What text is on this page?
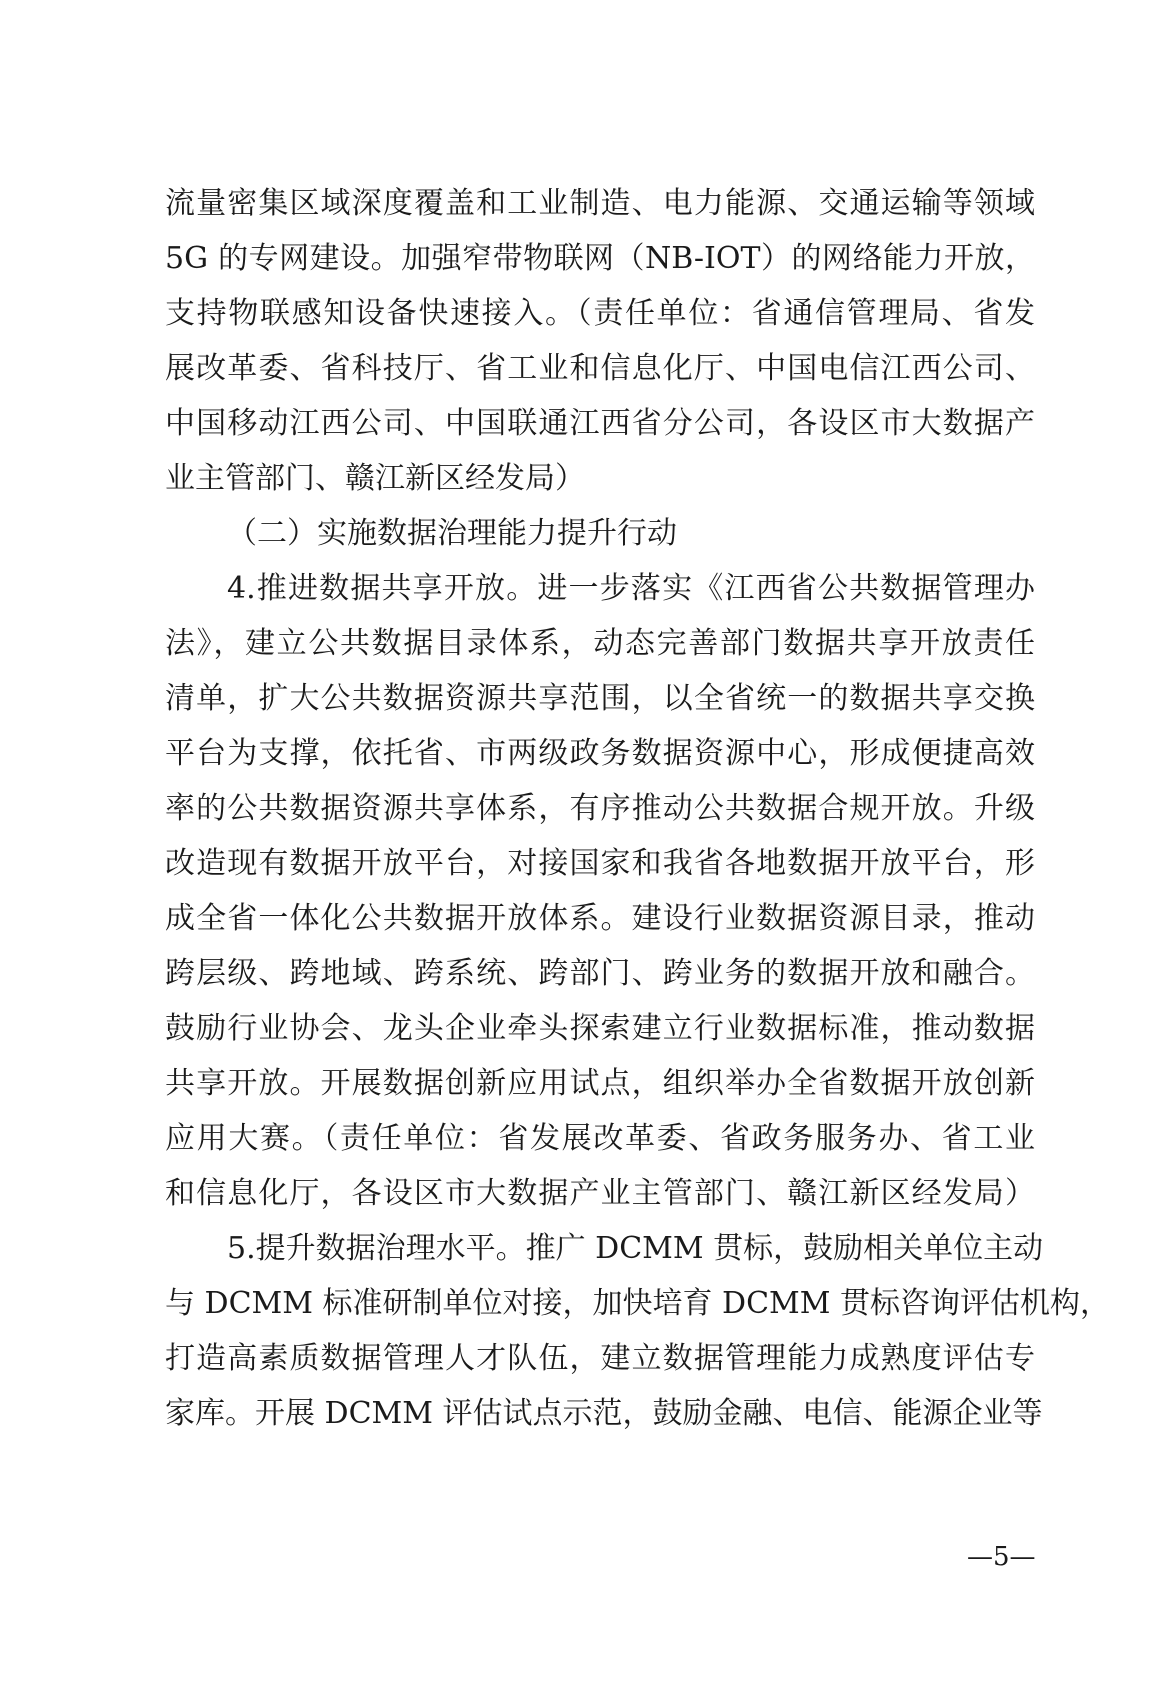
流量密集区域深度覆盖和工业制造、电力能源、交通运输等领域
5G 的专网建设。加强窄带物联网（NB-IOT）的网络能力开放，
支持物联感知设备快速接入。（责任单位：省通信管理局、省发
展改革委、省科技厅、省工业和信息化厅、中国电信江西公司、
中国移动江西公司、中国联通江西省分公司，各设区市大数据产
业主管部门、赣江新区经发局）
（二）实施数据治理能力提升行动
4.推进数据共享开放。进一步落实《江西省公共数据管理办
法》，建立公共数据目录体系，动态完善部门数据共享开放责任
清单，扩大公共数据资源共享范围，以全省统一的数据共享交换
平台为支撑，依托省、市两级政务数据资源中心，形成便捷高效
率的公共数据资源共享体系，有序推动公共数据合规开放。升级
改造现有数据开放平台，对接国家和我省各地数据开放平台，形
成全省一体化公共数据开放体系。建设行业数据资源目录，推动
跨层级、跨地域、跨系统、跨部门、跨业务的数据开放和融合。
鼓励行业协会、龙头企业牵头探索建立行业数据标准，推动数据
共享开放。开展数据创新应用试点，组织举办全省数据开放创新
应用大赛。（责任单位：省发展改革委、省政务服务办、省工业
和信息化厅，各设区市大数据产业主管部门、赣江新区经发局）
5.提升数据治理水平。推广 DCMM 贯标，鼓励相关单位主动
与 DCMM 标准研制单位对接，加快培育 DCMM 贯标咨询评估机构，
打造高素质数据管理人才队伍，建立数据管理能力成熟度评估专
家库。开展 DCMM 评估试点示范，鼓励金融、电信、能源企业等
—5—
